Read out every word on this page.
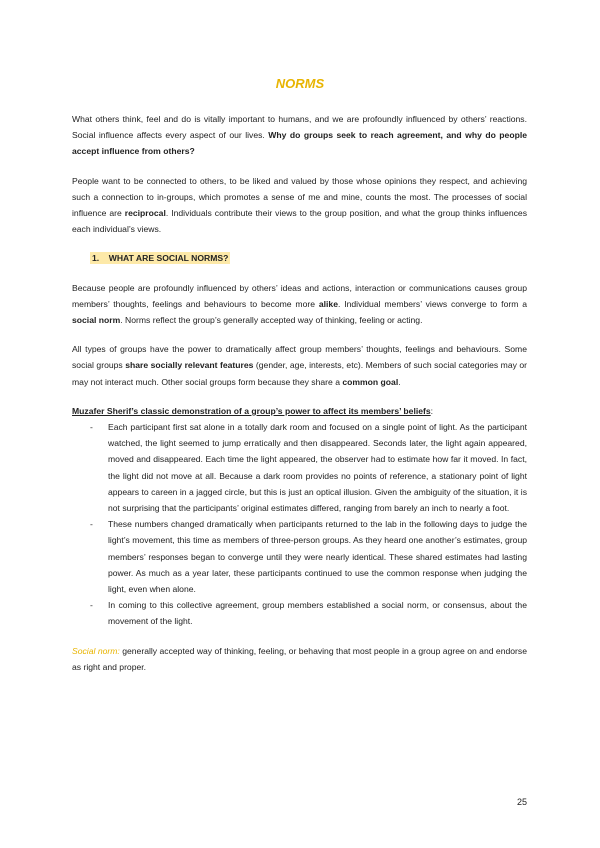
NORMS

What others think, feel and do is vitally important to humans, and we are profoundly influenced by others’ reactions. Social influence affects every aspect of our lives. Why do groups seek to reach agreement, and why do people accept influence from others?

People want to be connected to others, to be liked and valued by those whose opinions they respect, and achieving such a connection to in-groups, which promotes a sense of me and mine, counts the most. The processes of social influence are reciprocal. Individuals contribute their views to the group position, and what the group thinks influences each individual’s views.

1. WHAT ARE SOCIAL NORMS?

Because people are profoundly influenced by others’ ideas and actions, interaction or communications causes group members’ thoughts, feelings and behaviours to become more alike. Individual members’ views converge to form a social norm. Norms reflect the group’s generally accepted way of thinking, feeling or acting.

All types of groups have the power to dramatically affect group members’ thoughts, feelings and behaviours. Some social groups share socially relevant features (gender, age, interests, etc). Members of such social categories may or may not interact much. Other social groups form because they share a common goal.

Muzafer Sherif’s classic demonstration of a group’s power to affect its members’ beliefs:

- Each participant first sat alone in a totally dark room and focused on a single point of light. As the participant watched, the light seemed to jump erratically and then disappeared. Seconds later, the light again appeared, moved and disappeared. Each time the light appeared, the observer had to estimate how far it moved. In fact, the light did not move at all. Because a dark room provides no points of reference, a stationary point of light appears to careen in a jagged circle, but this is just an optical illusion. Given the ambiguity of the situation, it is not surprising that the participants’ original estimates differed, ranging from barely an inch to nearly a foot.
- These numbers changed dramatically when participants returned to the lab in the following days to judge the light’s movement, this time as members of three-person groups. As they heard one another’s estimates, group members’ responses began to converge until they were nearly identical. These shared estimates had lasting power. As much as a year later, these participants continued to use the common response when judging the light, even when alone.
- In coming to this collective agreement, group members established a social norm, or consensus, about the movement of the light.

Social norm: generally accepted way of thinking, feeling, or behaving that most people in a group agree on and endorse as right and proper.

25
